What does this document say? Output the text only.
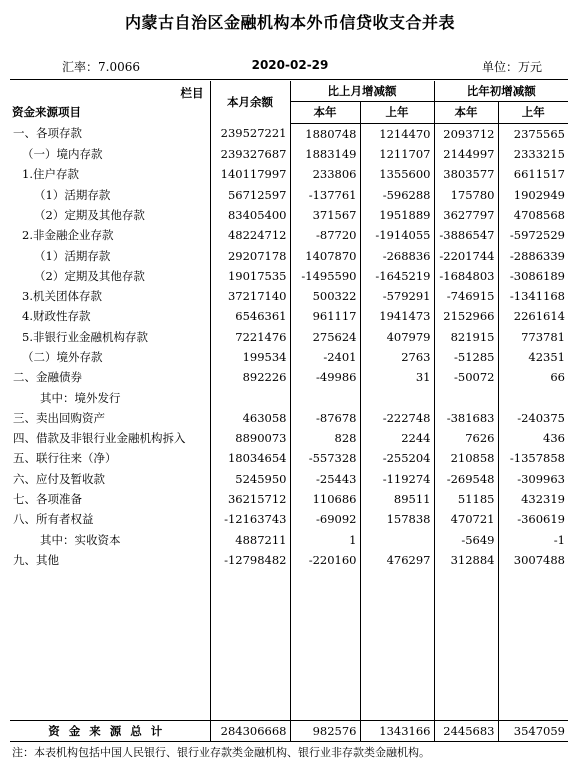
内蒙古自治区金融机构本外币信贷收支合并表
汇率：7.0066	2020-02-29	单位：万元
栏目
资金来源项目	本月余额	比上月增减额		比年初增减额	
		本年	上年	本年	上年
一、各项存款	239527221	1880748	1214470	2093712	2375565
（一）境内存款	239327687	1883149	1211707	2144997	2333215
1.住户存款	140117997	233806	1355600	3803577	6611517
（1）活期存款	56712597	-137761	-596288	175780	1902949
（2）定期及其他存款	83405400	371567	1951889	3627797	4708568
2.非金融企业存款	48224712	-87720	-1914055	-3886547	-5972529
（1）活期存款	29207178	1407870	-268836	-2201744	-2886339
（2）定期及其他存款	19017535	-1495590	-1645219	-1684803	-3086189
3.机关团体存款	37217140	500322	-579291	-746915	-1341168
4.财政性存款	6546361	961117	1941473	2152966	2261614
5.非银行业金融机构存款	7221476	275624	407979	821915	773781
（二）境外存款	199534	-2401	2763	-51285	42351
二、金融债券	892226	-49986	31	-50072	66
其中：境外发行					
三、卖出回购资产	463058	-87678	-222748	-381683	-240375
四、借款及非银行业金融机构拆入	8890073	828	2244	7626	436
五、联行往来（净）	18034654	-557328	-255204	210858	-1357858
六、应付及暂收款	5245950	-25443	-119274	-269548	-309963
七、各项准备	36215712	110686	89511	51185	432319
八、所有者权益	-12163743	-69092	157838	470721	-360619
其中：实收资本	4887211	1		-5649	-1
九、其他	-12798482	-220160	476297	312884	3007488

资金来源总计	284306668	982576	1343166	2445683	3547059
注：本表机构包括中国人民银行、银行业存款类金融机构、银行业非存款类金融机构。
